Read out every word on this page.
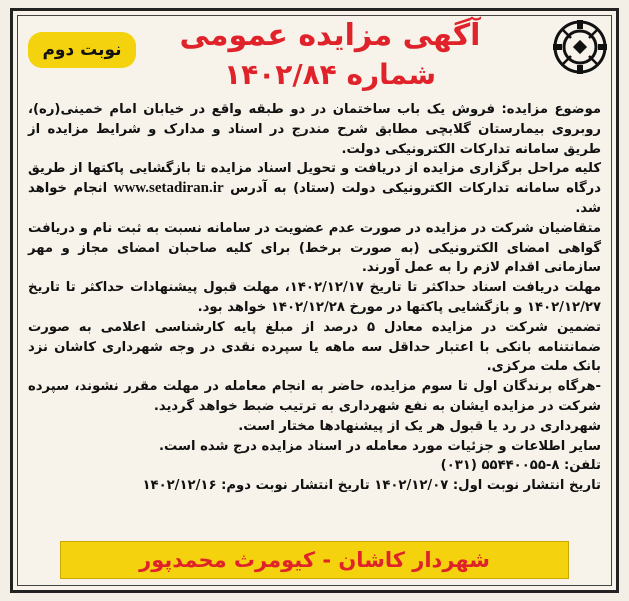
نوبت دوم	آگهی مزایده عمومی
شماره ۱۴۰۲/۸۴

موضوع مزایده: فروش یک باب ساختمان در دو طبقه واقع در خیابان امام خمینی(ره)، روبروی بیمارستان گلابچی مطابق شرح مندرج در اسناد و مدارک و شرایط مزایده از طریق سامانه تدارکات الکترونیکی دولت.

کلیه مراحل برگزاری مزایده از دریافت و تحویل اسناد مزایده تا بازگشایی پاکتها از طریق درگاه سامانه تدارکات الکترونیکی دولت (ستاد) به آدرس www.setadiran.ir انجام خواهد شد.

متقاضیان شرکت در مزایده در صورت عدم عضویت در سامانه نسبت به ثبت نام و دریافت گواهی امضای الکترونیکی (به صورت برخط) برای کلیه صاحبان امضای مجاز و مهر سازمانی اقدام لازم را به عمل آورند.

مهلت دریافت اسناد حداکثر تا تاریخ ۱۴۰۲/۱۲/۱۷، مهلت قبول پیشنهادات حداکثر تا تاریخ ۱۴۰۲/۱۲/۲۷ و بازگشایی پاکتها در مورخ ۱۴۰۲/۱۲/۲۸ خواهد بود.

تضمین شرکت در مزایده معادل ۵ درصد از مبلغ پایه کارشناسی اعلامی به صورت ضمانتنامه بانکی با اعتبار حداقل سه ماهه یا سپرده نقدی در وجه شهرداری کاشان نزد بانک ملت مرکزی.

-هرگاه برندگان اول تا سوم مزایده، حاضر به انجام معامله در مهلت مقرر نشوند، سپرده شرکت در مزایده ایشان به نفع شهرداری به ترتیب ضبط خواهد گردید.

شهرداری در رد یا قبول هر یک از پیشنهادها مختار است.

سایر اطلاعات و جزئیات مورد معامله در اسناد مزایده درج شده است.

تلفن: ۸-۵۵۴۴۰۰۵۵ (۰۳۱)

تاریخ انتشار نوبت اول: ۱۴۰۲/۱۲/۰۷ تاریخ انتشار نوبت دوم: ۱۴۰۲/۱۲/۱۶

شهردار کاشان - کیومرث محمدپور
